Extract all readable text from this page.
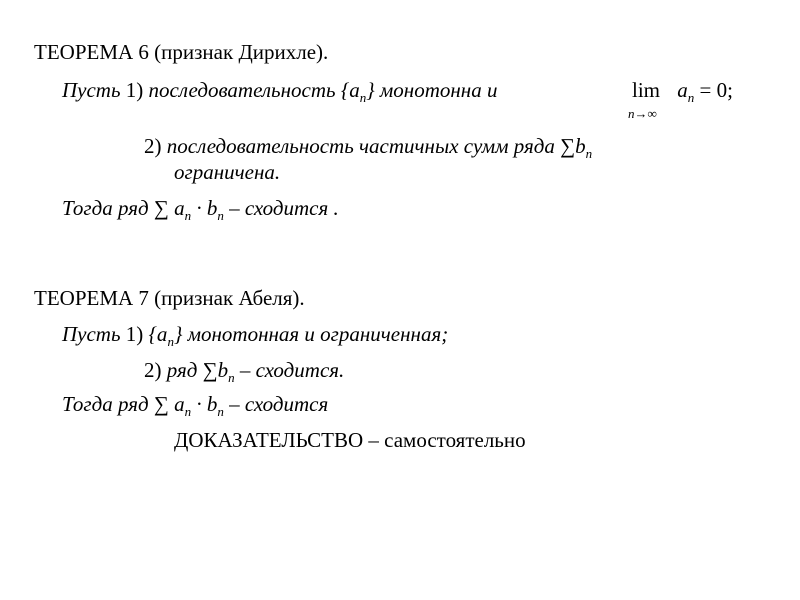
ТЕОРЕМА 6 (признак Дирихле).
Пусть 1) последовательность $\{a_n\}$ монотонна и	$\lim a_n = 0$;
n→∞
2) последовательность частичных сумм ряда $\sum b_n$
ограничена.
Тогда ряд ∑ $a_n \cdot b_n$ – сходится .
ТЕОРЕМА 7 (признак Абеля).
Пусть 1) $\{a_n\}$ монотонная и ограниченная;
2) ряд $\sum b_n$ – сходится.
Тогда ряд ∑ $a_n \cdot b_n$ – сходится
ДОКАЗАТЕЛЬСТВО – самостоятельно
